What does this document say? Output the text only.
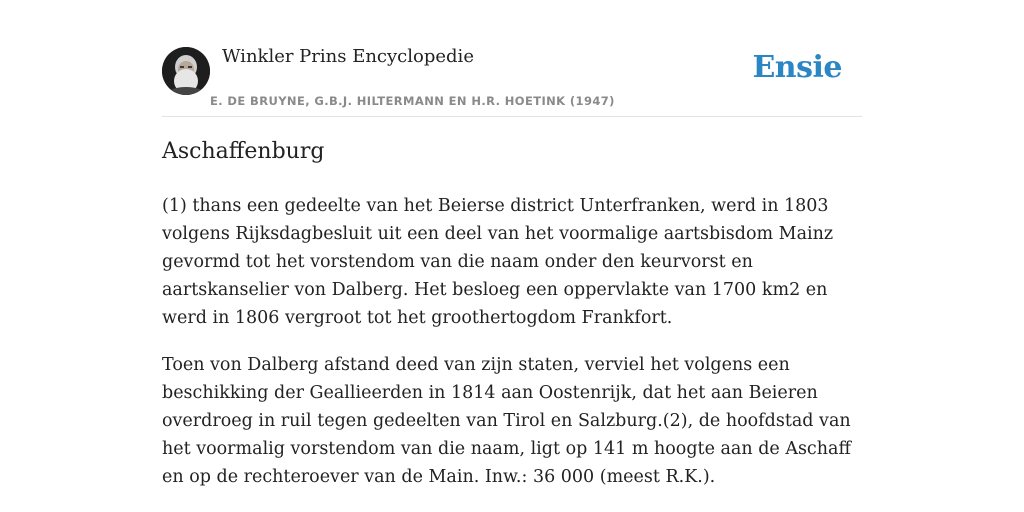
Winkler Prins Encyclopedie
E. DE BRUYNE, G.B.J. HILTERMANN EN H.R. HOETINK (1947)
Ensie
Aschaffenburg

(1) thans een gedeelte van het Beierse district Unterfranken, werd in 1803 volgens Rijksdagbesluit uit een deel van het voormalige aartsbisdom Mainz gevormd tot het vorstendom van die naam onder den keurvorst en aartskanselier von Dalberg. Het besloeg een oppervlakte van 1700 km2 en werd in 1806 vergroot tot het groothertogdom Frankfort.

Toen von Dalberg afstand deed van zijn staten, verviel het volgens een beschikking der Geallieerden in 1814 aan Oostenrijk, dat het aan Beieren overdroeg in ruil tegen gedeelten van Tirol en Salzburg.(2), de hoofdstad van het voormalig vorstendom van die naam, ligt op 141 m hoogte aan de Aschaff en op de rechteroever van de Main. Inw.: 36 000 (meest R.K.).
